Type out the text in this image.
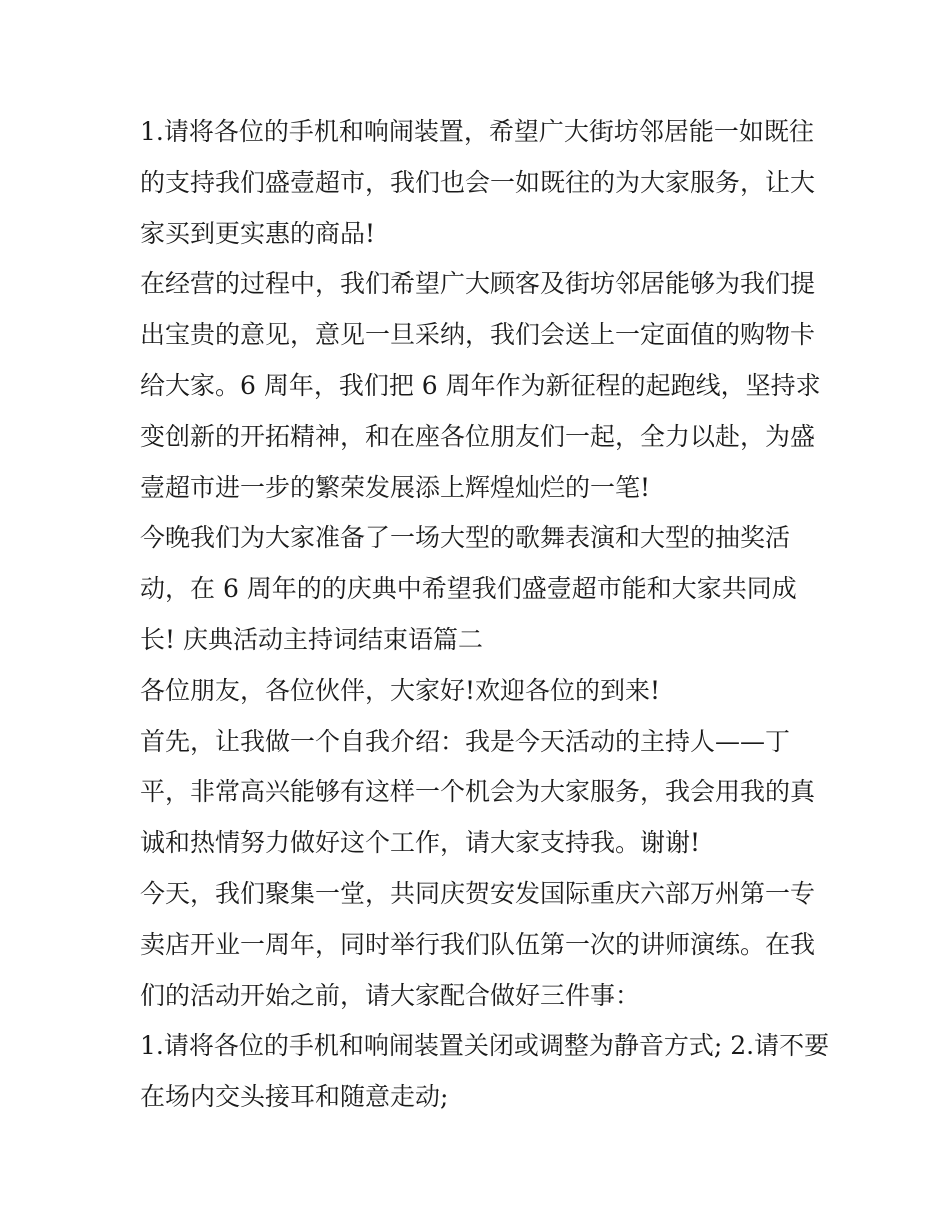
1.请将各位的手机和响闹装置，希望广大街坊邻居能一如既往
的支持我们盛壹超市，我们也会一如既往的为大家服务，让大
家买到更实惠的商品!
在经营的过程中，我们希望广大顾客及街坊邻居能够为我们提
出宝贵的意见，意见一旦采纳，我们会送上一定面值的购物卡
给大家。6 周年，我们把 6 周年作为新征程的起跑线，坚持求
变创新的开拓精神，和在座各位朋友们一起，全力以赴，为盛
壹超市进一步的繁荣发展添上辉煌灿烂的一笔!
今晚我们为大家准备了一场大型的歌舞表演和大型的抽奖活
动，在 6 周年的的庆典中希望我们盛壹超市能和大家共同成
长! 庆典活动主持词结束语篇二
各位朋友，各位伙伴，大家好!欢迎各位的到来!
首先，让我做一个自我介绍：我是今天活动的主持人——丁
平，非常高兴能够有这样一个机会为大家服务，我会用我的真
诚和热情努力做好这个工作，请大家支持我。谢谢!
今天，我们聚集一堂，共同庆贺安发国际重庆六部万州第一专
卖店开业一周年，同时举行我们队伍第一次的讲师演练。在我
们的活动开始之前，请大家配合做好三件事：
1.请将各位的手机和响闹装置关闭或调整为静音方式; 2.请不要
在场内交头接耳和随意走动;
